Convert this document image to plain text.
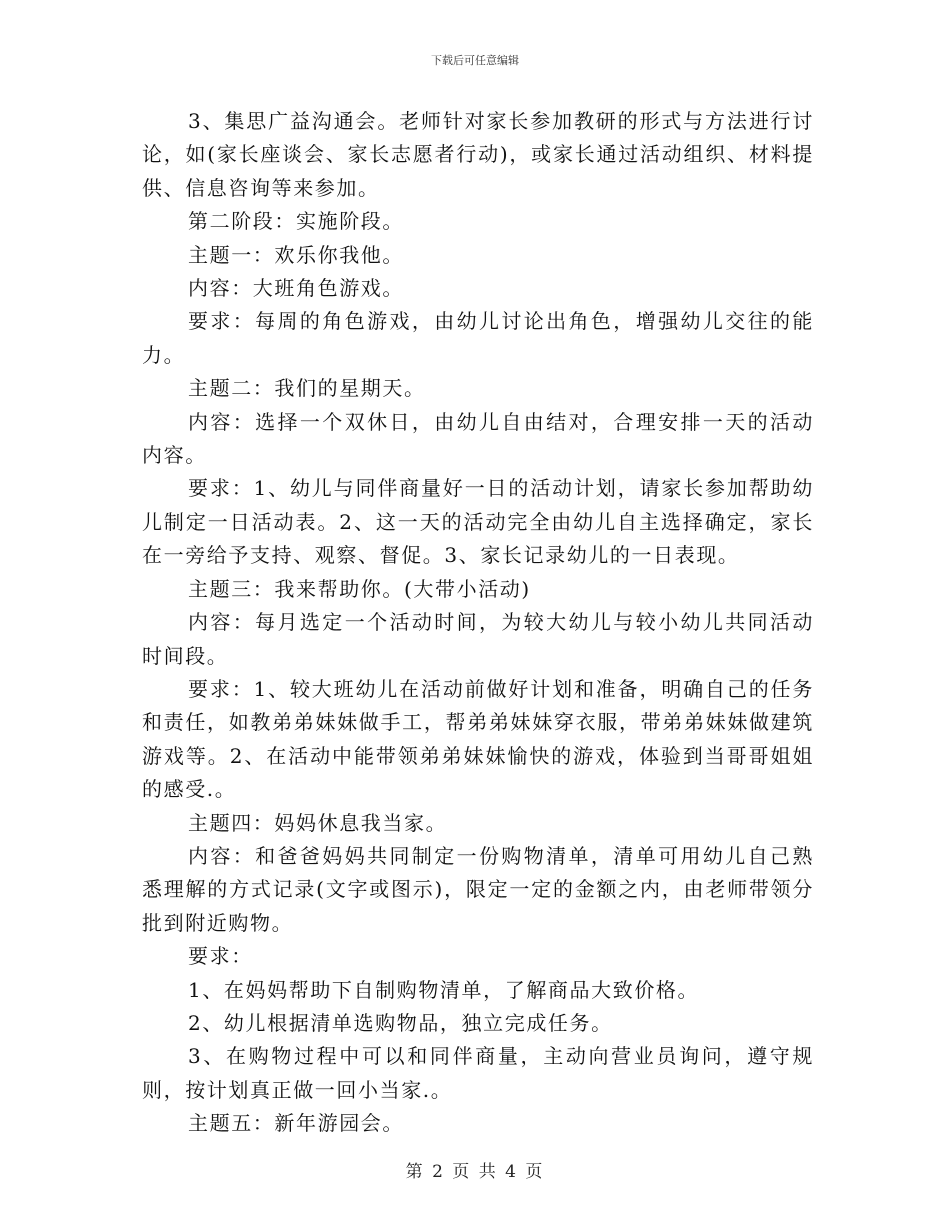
下载后可任意编辑

3、集思广益沟通会。老师针对家长参加教研的形式与方法进行讨论，如(家长座谈会、家长志愿者行动)，或家长通过活动组织、材料提供、信息咨询等来参加。

第二阶段：实施阶段。

主题一：欢乐你我他。

内容：大班角色游戏。

要求：每周的角色游戏，由幼儿讨论出角色，增强幼儿交往的能力。

主题二：我们的星期天。

内容：选择一个双休日，由幼儿自由结对，合理安排一天的活动内容。

要求：1、幼儿与同伴商量好一日的活动计划，请家长参加帮助幼儿制定一日活动表。2、这一天的活动完全由幼儿自主选择确定，家长在一旁给予支持、观察、督促。3、家长记录幼儿的一日表现。

主题三：我来帮助你。(大带小活动)

内容：每月选定一个活动时间，为较大幼儿与较小幼儿共同活动时间段。

要求：1、较大班幼儿在活动前做好计划和准备，明确自己的任务和责任，如教弟弟妹妹做手工，帮弟弟妹妹穿衣服，带弟弟妹妹做建筑游戏等。2、在活动中能带领弟弟妹妹愉快的游戏，体验到当哥哥姐姐的感受.。

主题四：妈妈休息我当家。

内容：和爸爸妈妈共同制定一份购物清单，清单可用幼儿自己熟悉理解的方式记录(文字或图示)，限定一定的金额之内，由老师带领分批到附近购物。

要求：

1、在妈妈帮助下自制购物清单，了解商品大致价格。

2、幼儿根据清单选购物品，独立完成任务。

3、在购物过程中可以和同伴商量，主动向营业员询问，遵守规则，按计划真正做一回小当家.。

主题五：新年游园会。

第 2 页 共 4 页
